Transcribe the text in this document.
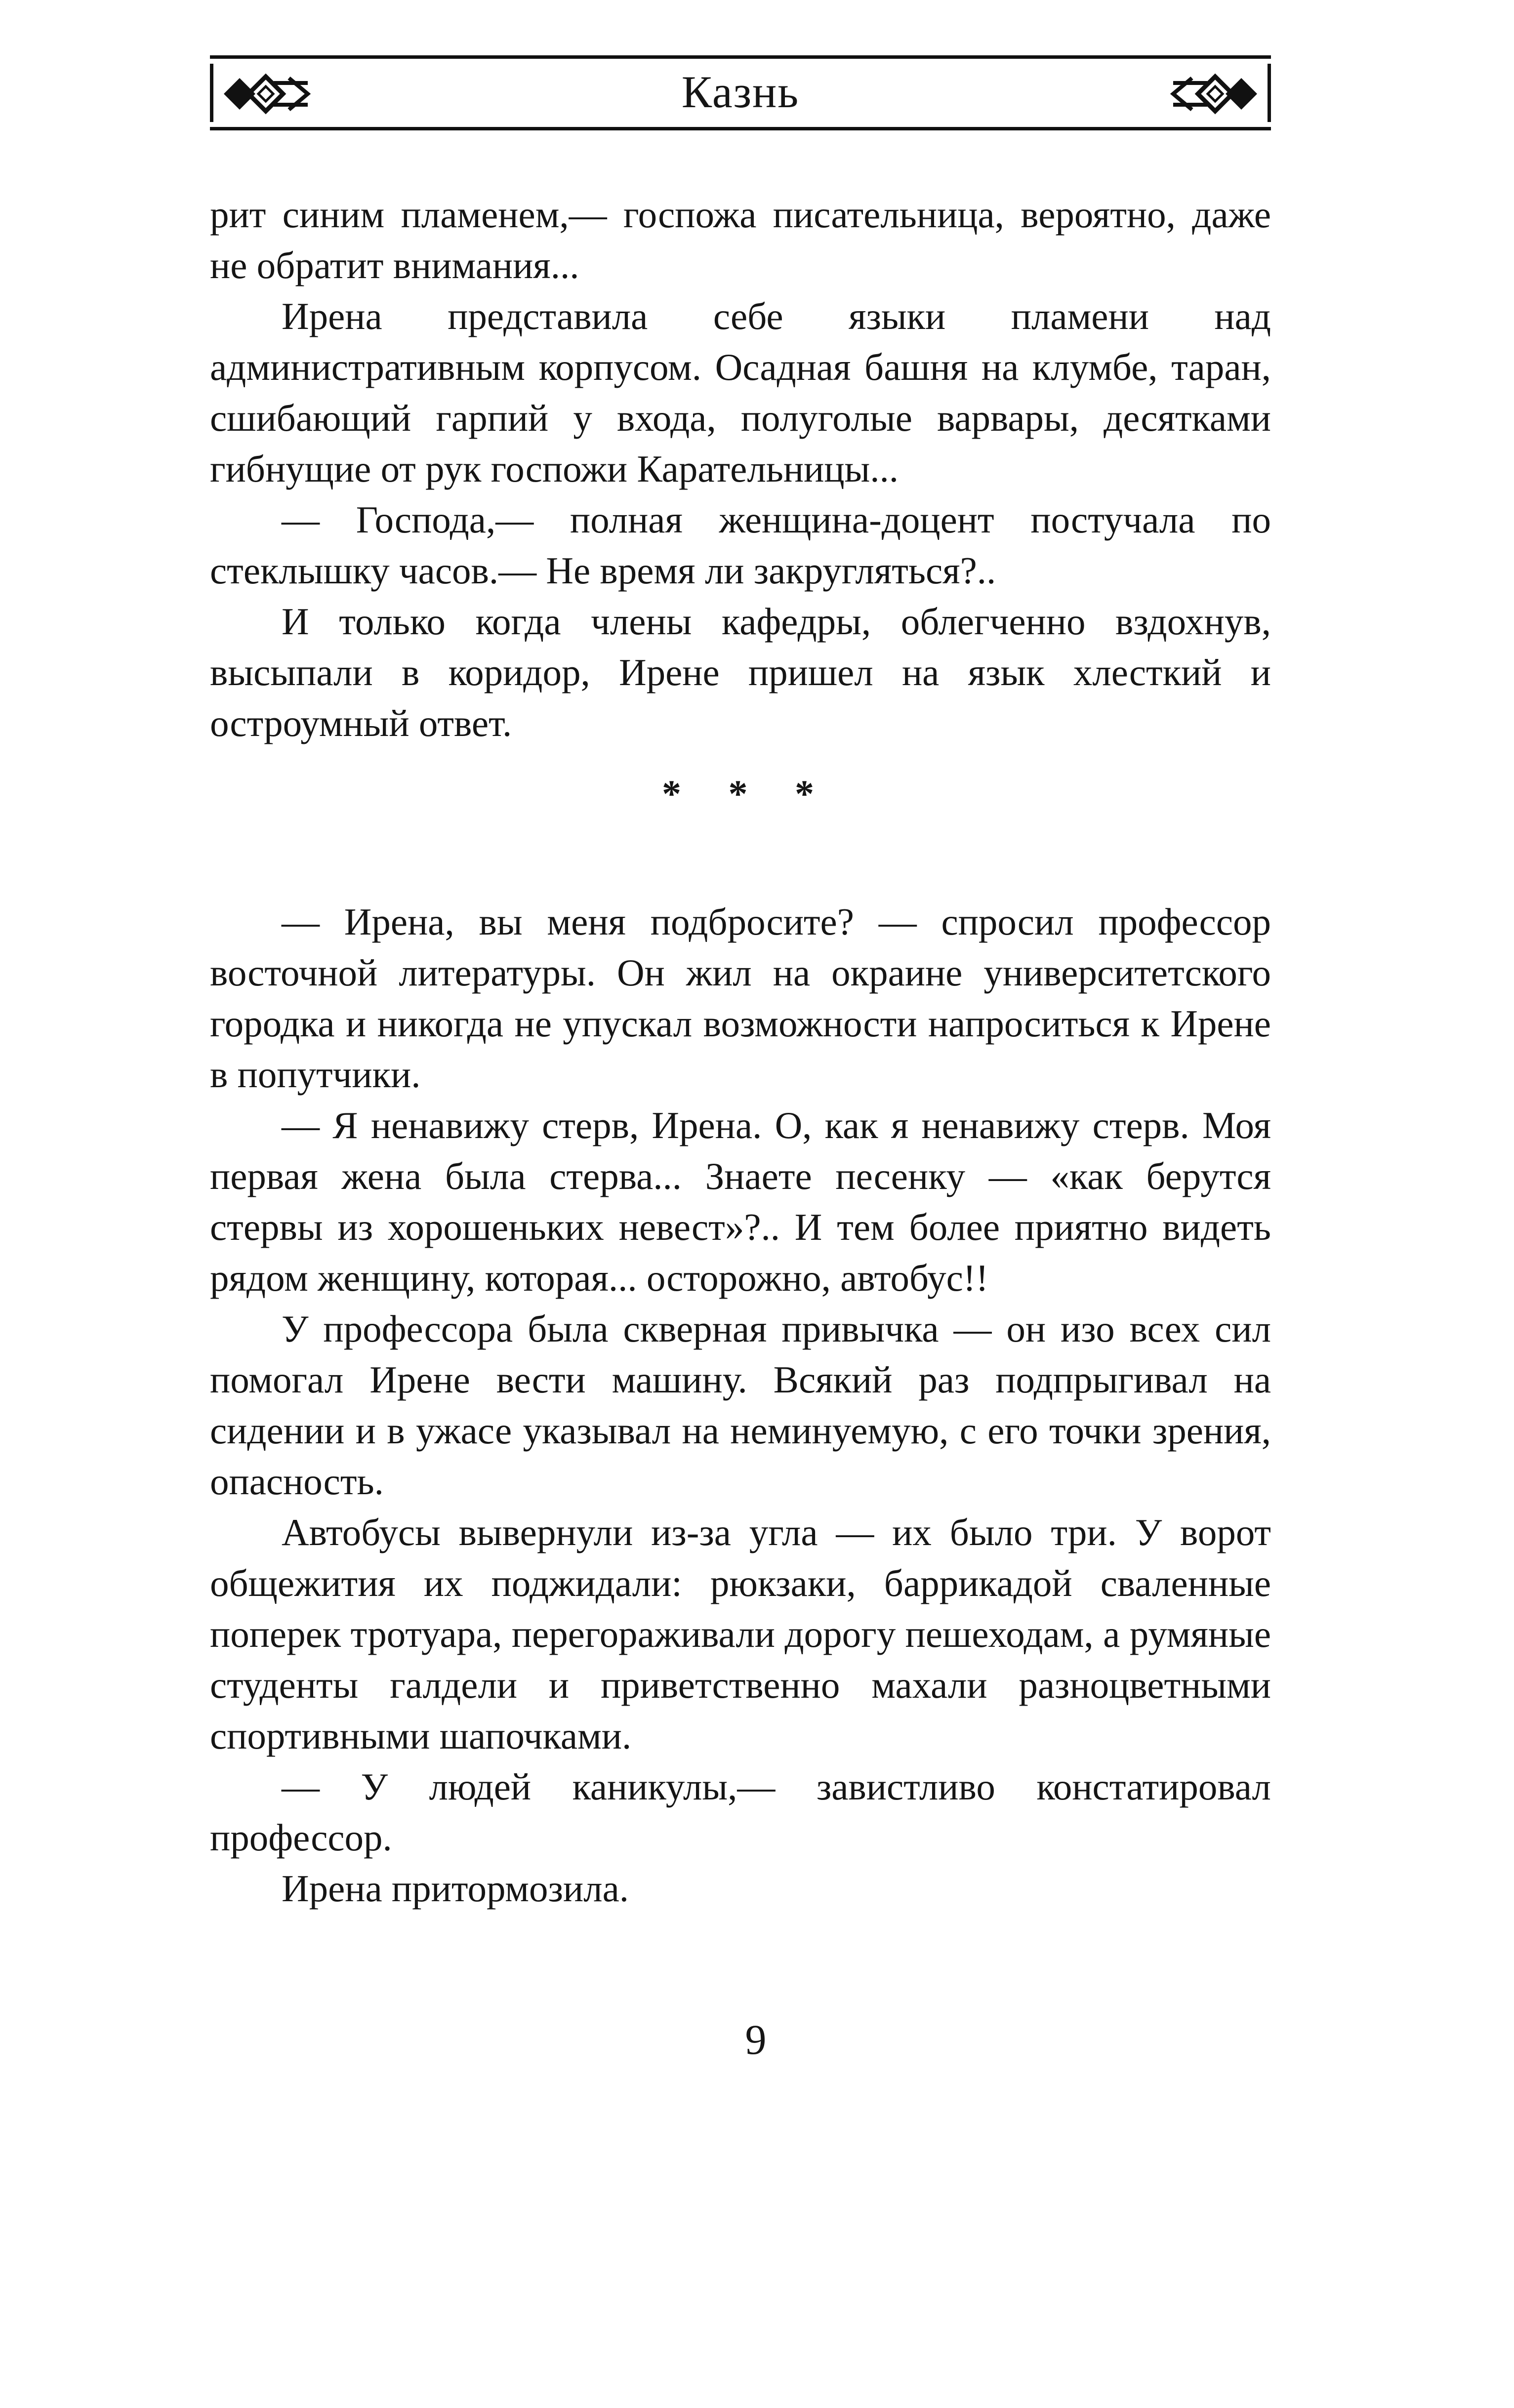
Казнь

рит синим пламенем,— госпожа писательница, вероятно, даже не обратит внимания...

Ирена представила себе языки пламени над административным корпусом. Осадная башня на клумбе, таран, сшибающий гарпий у входа, полуголые варвары, десятками гибнущие от рук госпожи Карательницы...

— Господа,— полная женщина-доцент постучала по стеклышку часов.— Не время ли закругляться?..

И только когда члены кафедры, облегченно вздохнув, высыпали в коридор, Ирене пришел на язык хлесткий и остроумный ответ.

* * *

— Ирена, вы меня подбросите? — спросил профессор восточной литературы. Он жил на окраине университетского городка и никогда не упускал возможности напроситься к Ирене в попутчики.

— Я ненавижу стерв, Ирена. О, как я ненавижу стерв. Моя первая жена была стерва... Знаете песенку — «как берутся стервы из хорошеньких невест»?.. И тем более приятно видеть рядом женщину, которая... осторожно, автобус!!

У профессора была скверная привычка — он изо всех сил помогал Ирене вести машину. Всякий раз подпрыгивал на сидении и в ужасе указывал на неминуемую, с его точки зрения, опасность.

Автобусы вывернули из-за угла — их было три. У ворот общежития их поджидали: рюкзаки, баррикадой сваленные поперек тротуара, перегораживали дорогу пешеходам, а румяные студенты галдели и приветственно махали разноцветными спортивными шапочками.

— У людей каникулы,— завистливо констатировал профессор.

Ирена притормозила.

9
